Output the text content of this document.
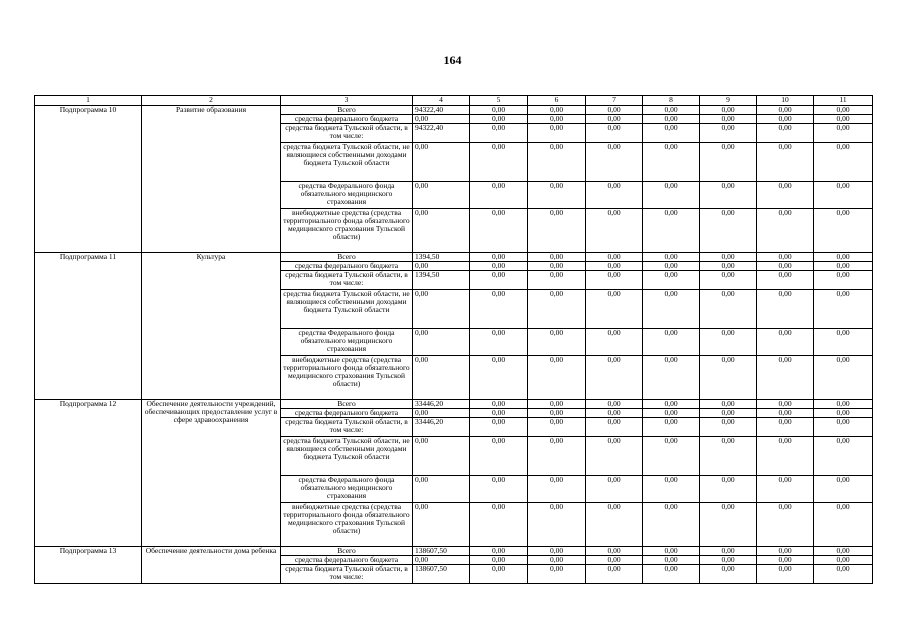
164
1	2	3	4	5	6	7	8	9	10	11
Подпрограмма 10	Развитие образования	Всего	94322,40	0,00	0,00	0,00	0,00	0,00	0,00	0,00
		средства федерального бюджета	0,00	0,00	0,00	0,00	0,00	0,00	0,00	0,00
		средства бюджета Тульской области, в том числе:	94322,40	0,00	0,00	0,00	0,00	0,00	0,00	0,00
		средства бюджета Тульской области, не являющиеся собственными доходами бюджета Тульской области	0,00	0,00	0,00	0,00	0,00	0,00	0,00	0,00
		средства Федерального фонда обязательного медицинского страхования	0,00	0,00	0,00	0,00	0,00	0,00	0,00	0,00
		внебюджетные средства (средства территориального фонда обязательного медицинского страхования Тульской области)	0,00	0,00	0,00	0,00	0,00	0,00	0,00	0,00
Подпрограмма 11	Культура	Всего	1394,50	0,00	0,00	0,00	0,00	0,00	0,00	0,00
		средства федерального бюджета	0,00	0,00	0,00	0,00	0,00	0,00	0,00	0,00
		средства бюджета Тульской области, в том числе:	1394,50	0,00	0,00	0,00	0,00	0,00	0,00	0,00
		средства бюджета Тульской области, не являющиеся собственными доходами бюджета Тульской области	0,00	0,00	0,00	0,00	0,00	0,00	0,00	0,00
		средства Федерального фонда обязательного медицинского страхования	0,00	0,00	0,00	0,00	0,00	0,00	0,00	0,00
		внебюджетные средства (средства территориального фонда обязательного медицинского страхования Тульской области)	0,00	0,00	0,00	0,00	0,00	0,00	0,00	0,00
Подпрограмма 12	Обеспечение деятельности учреждений, обеспечивающих предоставление услуг в сфере здравоохранения	Всего	33446,20	0,00	0,00	0,00	0,00	0,00	0,00	0,00
		средства федерального бюджета	0,00	0,00	0,00	0,00	0,00	0,00	0,00	0,00
		средства бюджета Тульской области, в том числе:	33446,20	0,00	0,00	0,00	0,00	0,00	0,00	0,00
		средства бюджета Тульской области, не являющиеся собственными доходами бюджета Тульской области	0,00	0,00	0,00	0,00	0,00	0,00	0,00	0,00
		средства Федерального фонда обязательного медицинского страхования	0,00	0,00	0,00	0,00	0,00	0,00	0,00	0,00
		внебюджетные средства (средства территориального фонда обязательного медицинского страхования Тульской области)	0,00	0,00	0,00	0,00	0,00	0,00	0,00	0,00
Подпрограмма 13	Обеспечение деятельности дома ребенка	Всего	138607,50	0,00	0,00	0,00	0,00	0,00	0,00	0,00
		средства федерального бюджета	0,00	0,00	0,00	0,00	0,00	0,00	0,00	0,00
		средства бюджета Тульской области, в том числе:	138607,50	0,00	0,00	0,00	0,00	0,00	0,00	0,00
